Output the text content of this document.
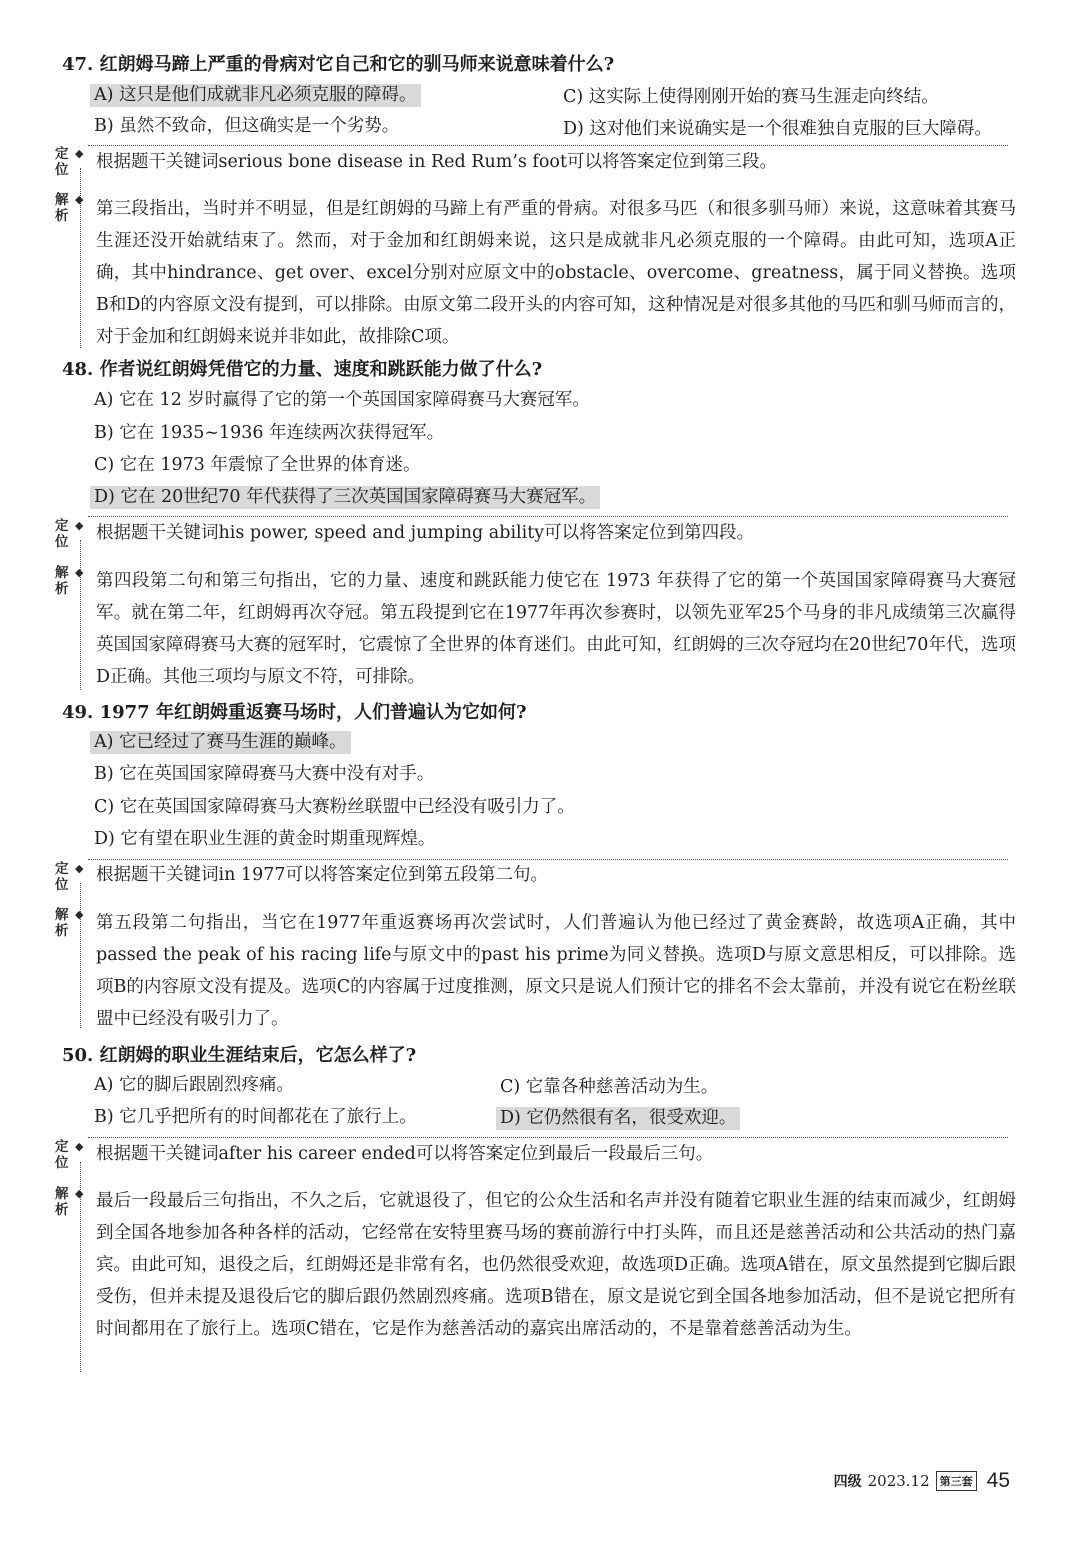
47. 红朗姆马蹄上严重的骨病对它自己和它的驯马师来说意味着什么?
A) 这只是他们成就非凡必须克服的障碍。	C) 这实际上使得刚刚开始的赛马生涯走向终结。
B) 虽然不致命，但这确实是一个劣势。	D) 这对他们来说确实是一个很难独自克服的巨大障碍。
定 ◆

位	根据题干关键词serious bone disease in Red Rum’s foot可以将答案定位到第三段。
解 ◆

析	第三段指出，当时并不明显，但是红朗姆的马蹄上有严重的骨病。对很多马匹（和很多驯马师）来说，这意味着其赛马生涯还没开始就结束了。然而，对于金加和红朗姆来说，这只是成就非凡必须克服的一个障碍。由此可知，选项A正确，其中hindrance、get over、excel分别对应原文中的obstacle、overcome、greatness，属于同义替换。选项B和D的内容原文没有提到，可以排除。由原文第二段开头的内容可知，这种情况是对很多其他的马匹和驯马师而言的，对于金加和红朗姆来说并非如此，故排除C项。
48. 作者说红朗姆凭借它的力量、速度和跳跃能力做了什么?
A) 它在 12 岁时赢得了它的第一个英国国家障碍赛马大赛冠军。
B) 它在 1935~1936 年连续两次获得冠军。
C) 它在 1973 年震惊了全世界的体育迷。
D) 它在 20世纪70 年代获得了三次英国国家障碍赛马大赛冠军。
定 ◆

位	根据题干关键词his power, speed and jumping ability可以将答案定位到第四段。
解 ◆

析	第四段第二句和第三句指出，它的力量、速度和跳跃能力使它在 1973 年获得了它的第一个英国国家障碍赛马大赛冠军。就在第二年，红朗姆再次夺冠。第五段提到它在1977年再次参赛时，以领先亚军25个马身的非凡成绩第三次赢得英国国家障碍赛马大赛的冠军时，它震惊了全世界的体育迷们。由此可知，红朗姆的三次夺冠均在20世纪70年代，选项D正确。其他三项均与原文不符，可排除。
49. 1977 年红朗姆重返赛马场时，人们普遍认为它如何?
A) 它已经过了赛马生涯的巅峰。
B) 它在英国国家障碍赛马大赛中没有对手。
C) 它在英国国家障碍赛马大赛粉丝联盟中已经没有吸引力了。
D) 它有望在职业生涯的黄金时期重现辉煌。
定 ◆

位	根据题干关键词in 1977可以将答案定位到第五段第二句。
解 ◆

析	第五段第二句指出，当它在1977年重返赛场再次尝试时，人们普遍认为他已经过了黄金赛龄，故选项A正确，其中passed the peak of his racing life与原文中的past his prime为同义替换。选项D与原文意思相反，可以排除。选项B的内容原文没有提及。选项C的内容属于过度推测，原文只是说人们预计它的排名不会太靠前，并没有说它在粉丝联盟中已经没有吸引力了。
50. 红朗姆的职业生涯结束后，它怎么样了?
A) 它的脚后跟剧烈疼痛。	C) 它靠各种慈善活动为生。
B) 它几乎把所有的时间都花在了旅行上。	D) 它仍然很有名，很受欢迎。
定 ◆

位	根据题干关键词after his career ended可以将答案定位到最后一段最后三句。
解 ◆

析	最后一段最后三句指出，不久之后，它就退役了，但它的公众生活和名声并没有随着它职业生涯的结束而减少，红朗姆到全国各地参加各种各样的活动，它经常在安特里赛马场的赛前游行中打头阵，而且还是慈善活动和公共活动的热门嘉宾。由此可知，退役之后，红朗姆还是非常有名，也仍然很受欢迎，故选项D正确。选项A错在，原文虽然提到它脚后跟受伤，但并未提及退役后它的脚后跟仍然剧烈疼痛。选项B错在，原文是说它到全国各地参加活动，但不是说它把所有时间都用在了旅行上。选项C错在，它是作为慈善活动的嘉宾出席活动的，不是靠着慈善活动为生。
四级 2023.12 第三套 45
